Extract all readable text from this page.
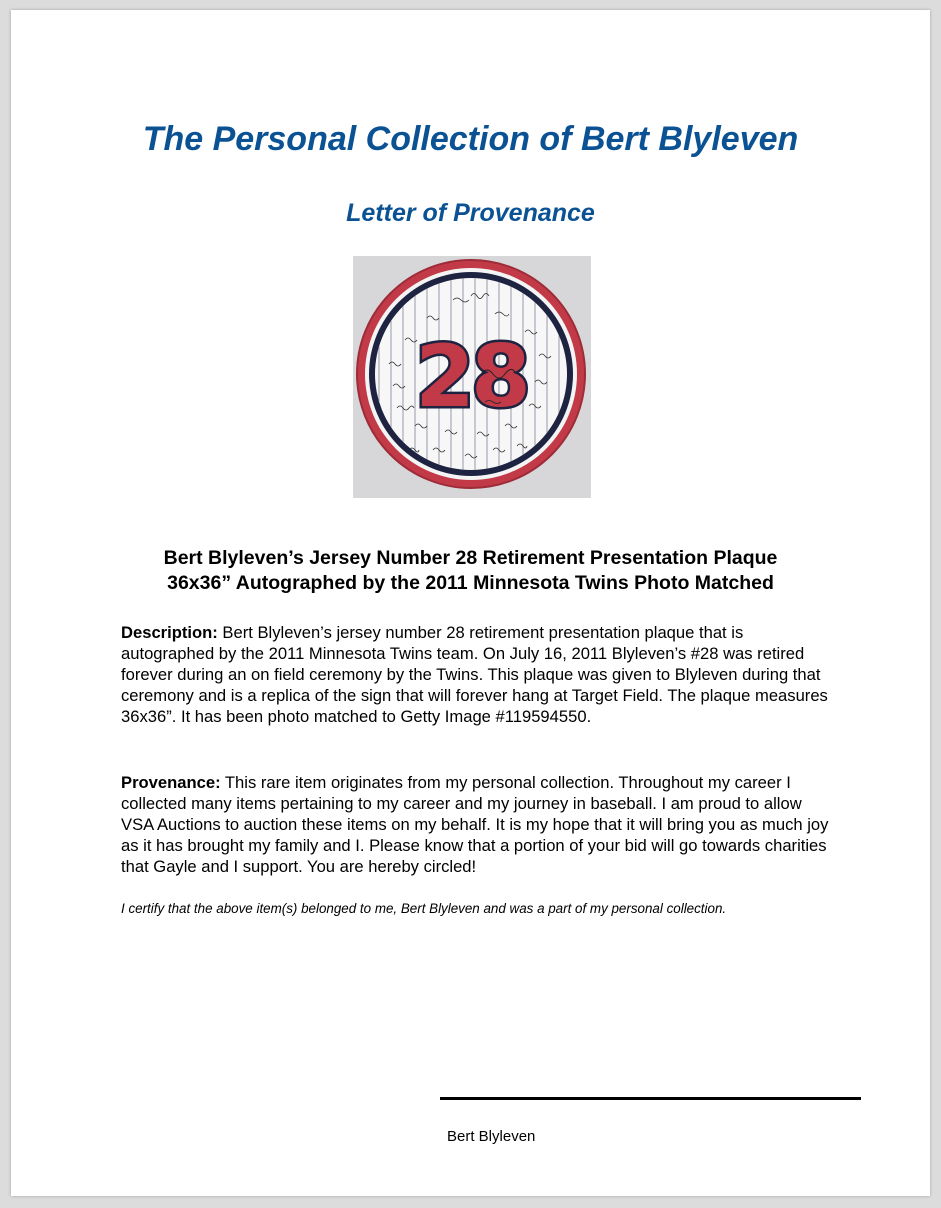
The Personal Collection of Bert Blyleven
Letter of Provenance
28
Bert Blyleven’s Jersey Number 28 Retirement Presentation Plaque
36x36” Autographed by the 2011 Minnesota Twins Photo Matched

Description: Bert Blyleven’s jersey number 28 retirement presentation plaque that is autographed by the 2011 Minnesota Twins team. On July 16, 2011 Blyleven’s #28 was retired forever during an on field ceremony by the Twins. This plaque was given to Blyleven during that ceremony and is a replica of the sign that will forever hang at Target Field. The plaque measures 36x36”. It has been photo matched to Getty Image #119594550.

Provenance: This rare item originates from my personal collection. Throughout my career I collected many items pertaining to my career and my journey in baseball. I am proud to allow VSA Auctions to auction these items on my behalf. It is my hope that it will bring you as much joy as it has brought my family and I. Please know that a portion of your bid will go towards charities that Gayle and I support. You are hereby circled!

I certify that the above item(s) belonged to me, Bert Blyleven and was a part of my personal collection.
Bert Blyleven
